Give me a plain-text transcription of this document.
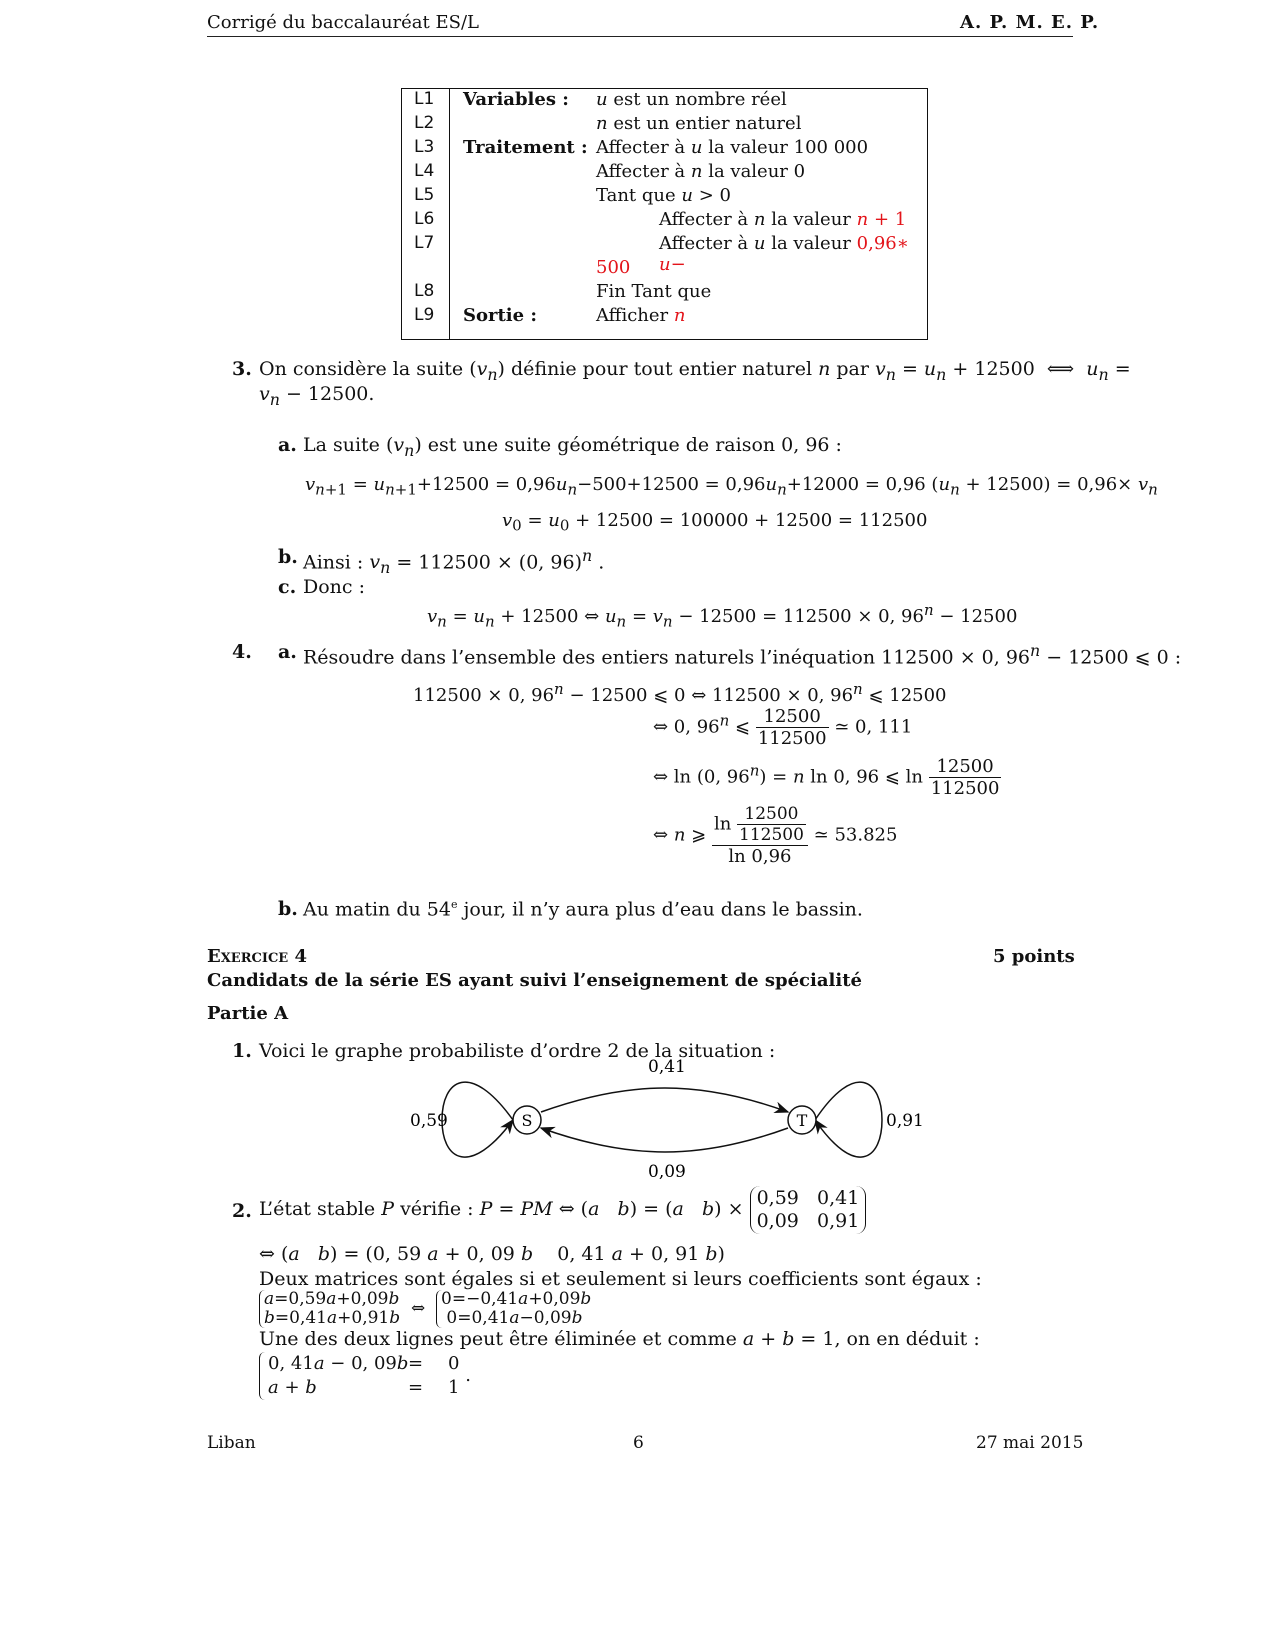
Corrigé du baccalauréat ES/L	A. P. M. E. P.
L1 Variables : u est un nombre réel
L2	n est un entier naturel
L3 Traitement : Affecter à u la valeur 100 000
L4	Affecter à n la valeur 0
L5	Tant que u > 0
L6	Affecter à n la valeur n + 1
L7	Affecter à u la valeur 0,96∗ u−
500
L8	Fin Tant que
L9 Sortie :	Afficher n
3. On considère la suite $(v_n)$ définie pour tout entier naturel n par $v_n = u_n + 12500$  ⟺  $u_n$ =
$v_n - 12500$.
a. La suite $(v_n)$ est une suite géométrique de raison 0, 96 :
$v_{n+1} = u_{n+1}+12500 = 0,96u_n-500+12500 = 0,96u_n+12000 = 0,96$ $(u_n + 12500) = 0,96\times v_n$
$v_0 = u_0 + 12500 = 100000 + 12500 = 112500$
b. Ainsi : $v_n = 112500 \times (0$, 96)$^n$ .
c. Donc :
$v_n = u_n + 12500$ ⇔ $u_n = v_n - 12500 = 112500 \times 0$, $96^n - 12500$
4. a. Résoudre dans l’ensemble des entiers naturels l’inéquation 112500 × 0, $96^n - 12500$ ⩽ 0 :
112500 × 0, $96^n - 12500$ ⩽ 0 ⇔ 112500 × 0, 96$^n$ ⩽ 12500
⇔ 0, 96$^n$ ⩽ $\frac{12500}{112500}$ ≃ 0, 111
⇔ ln (0, $96^n) = n$ ln 0, 96 ⩽ $\ln \frac{12500}{112500}$
⇔ n ⩾ $\frac{\ln \frac{12500}{112500}}{\ln 0,96}$ ≃ 53.825
b. Au matin du 54e jour, il n’y aura plus d’eau dans le bassin.
Exercice 4	5 points
Candidats de la série ES ayant suivi l’enseignement de spécialité
Partie A
1. Voici le graphe probabiliste d’ordre 2 de la situation :
S	T
0,59
0,41
0,09
0,91
2. L’état stable P vérifie : P = PM ⇔ (a b) = (a b) × 0,59 0,41
0,09 0,91
⇔ (a b) = (0, 59 a + 0, 09 b    0, 41 a + 0, 91 b)
Deux matrices sont égales si et seulement si leurs coefficients sont égaux :
a=0,59a+0,09b
b=0,41a+0,91b ⇔ 0=−0,41a+0,09b
0=0,41a−0,09b
Une des deux lignes peut être éliminée et comme a + b = 1, on en déduit :
0, 41a − 0, 09b= 0
a + b	= 1 .
Liban	6	27 mai 2015
